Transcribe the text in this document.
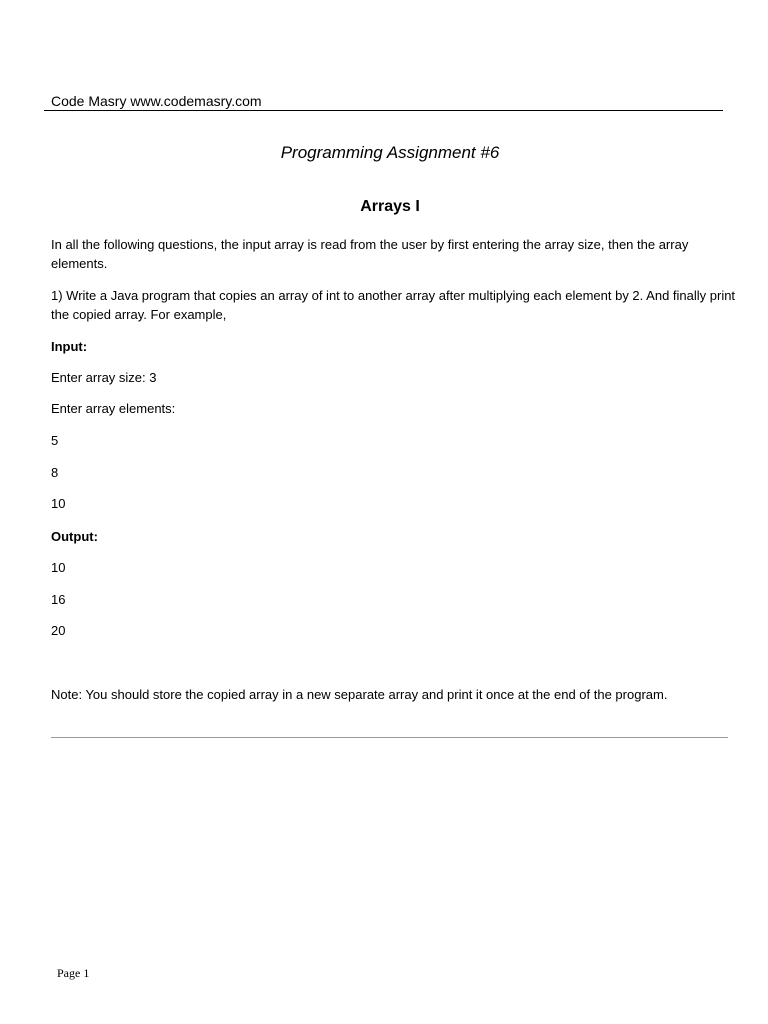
Code Masry www.codemasry.com
Programming Assignment #6
Arrays I
In all the following questions, the input array is read from the user by first entering the array size, then the array elements.
1) Write a Java program that copies an array of int to another array after multiplying each element by 2. And finally print the copied array. For example,
Input:
Enter array size: 3
Enter array elements:
5
8
10
Output:
10
16
20
Note: You should store the copied array in a new separate array and print it once at the end of the program.
Page 1
